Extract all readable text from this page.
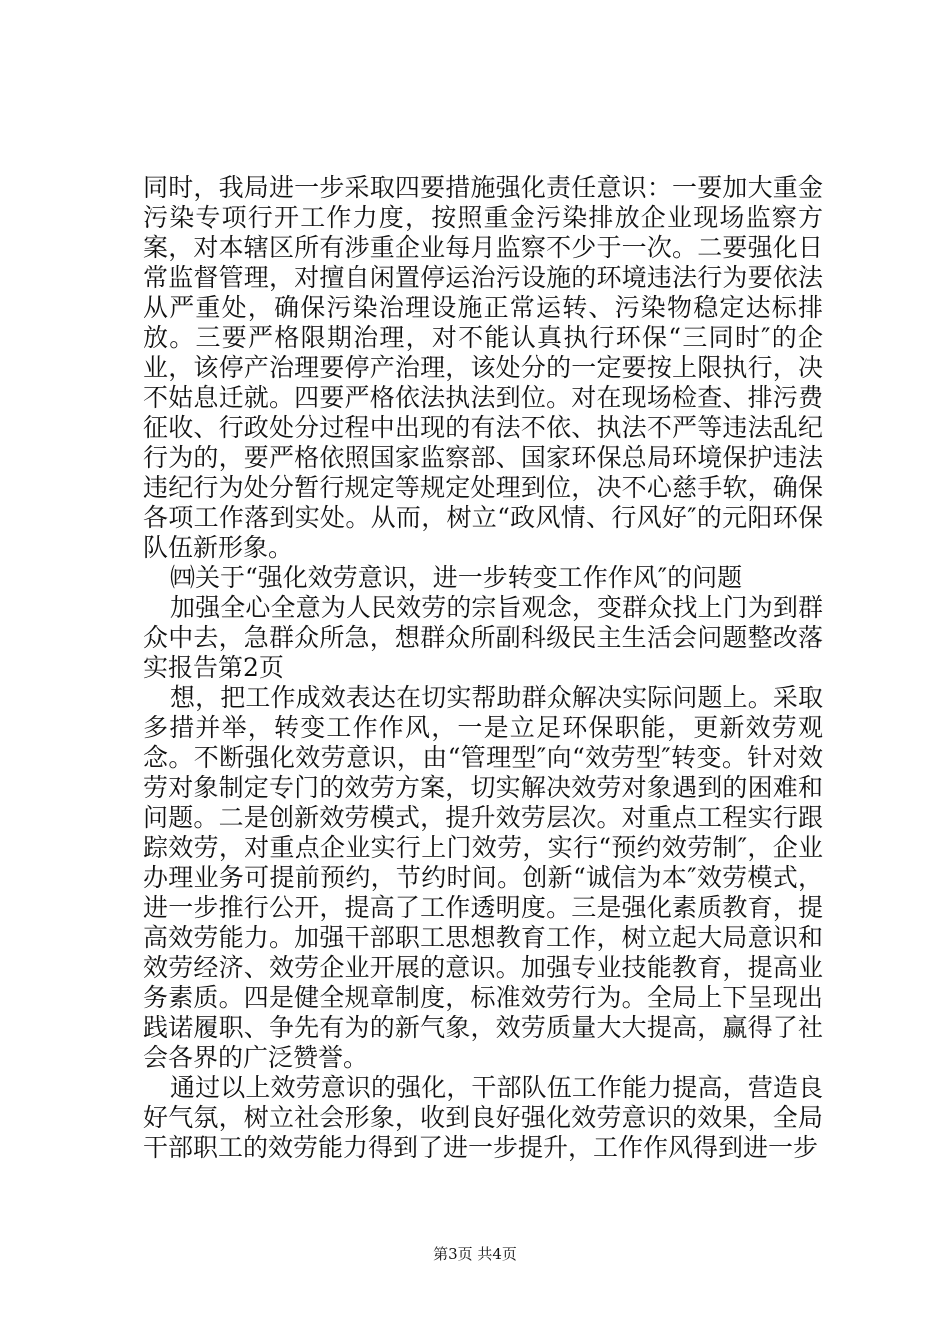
同时，我局进一步采取四要措施强化责任意识：一要加大重金污染专项行开工作力度，按照重金污染排放企业现场监察方案，对本辖区所有涉重企业每月监察不少于一次。二要强化日常监督管理，对擅自闲置停运治污设施的环境违法行为要依法从严重处，确保污染治理设施正常运转、污染物稳定达标排放。三要严格限期治理，对不能认真执行环保“三同时″的企业，该停产治理要停产治理，该处分的一定要按上限执行，决不姑息迁就。四要严格依法执法到位。对在现场检查、排污费征收、行政处分过程中出现的有法不依、执法不严等违法乱纪行为的，要严格依照国家监察部、国家环保总局环境保护违法违纪行为处分暂行规定等规定处理到位，决不心慈手软，确保各项工作落到实处。从而，树立“政风情、行风好″的元阳环保队伍新形象。

㈣关于“强化效劳意识，进一步转变工作作风″的问题

加强全心全意为人民效劳的宗旨观念，变群众找上门为到群众中去，急群众所急，想群众所副科级民主生活会问题整改落实报告第2页

想，把工作成效表达在切实帮助群众解决实际问题上。采取多措并举，转变工作作风，一是立足环保职能，更新效劳观念。不断强化效劳意识，由“管理型″向“效劳型″转变。针对效劳对象制定专门的效劳方案，切实解决效劳对象遇到的困难和问题。二是创新效劳模式，提升效劳层次。对重点工程实行跟踪效劳，对重点企业实行上门效劳，实行“预约效劳制″，企业办理业务可提前预约，节约时间。创新“诚信为本″效劳模式，进一步推行公开，提高了工作透明度。三是强化素质教育，提高效劳能力。加强干部职工思想教育工作，树立起大局意识和效劳经济、效劳企业开展的意识。加强专业技能教育，提高业务素质。四是健全规章制度，标准效劳行为。全局上下呈现出践诺履职、争先有为的新气象，效劳质量大大提高，赢得了社会各界的广泛赞誉。

通过以上效劳意识的强化，干部队伍工作能力提高，营造良好气氛，树立社会形象，收到良好强化效劳意识的效果，全局干部职工的效劳能力得到了进一步提升，工作作风得到进一步

第3页 共4页
